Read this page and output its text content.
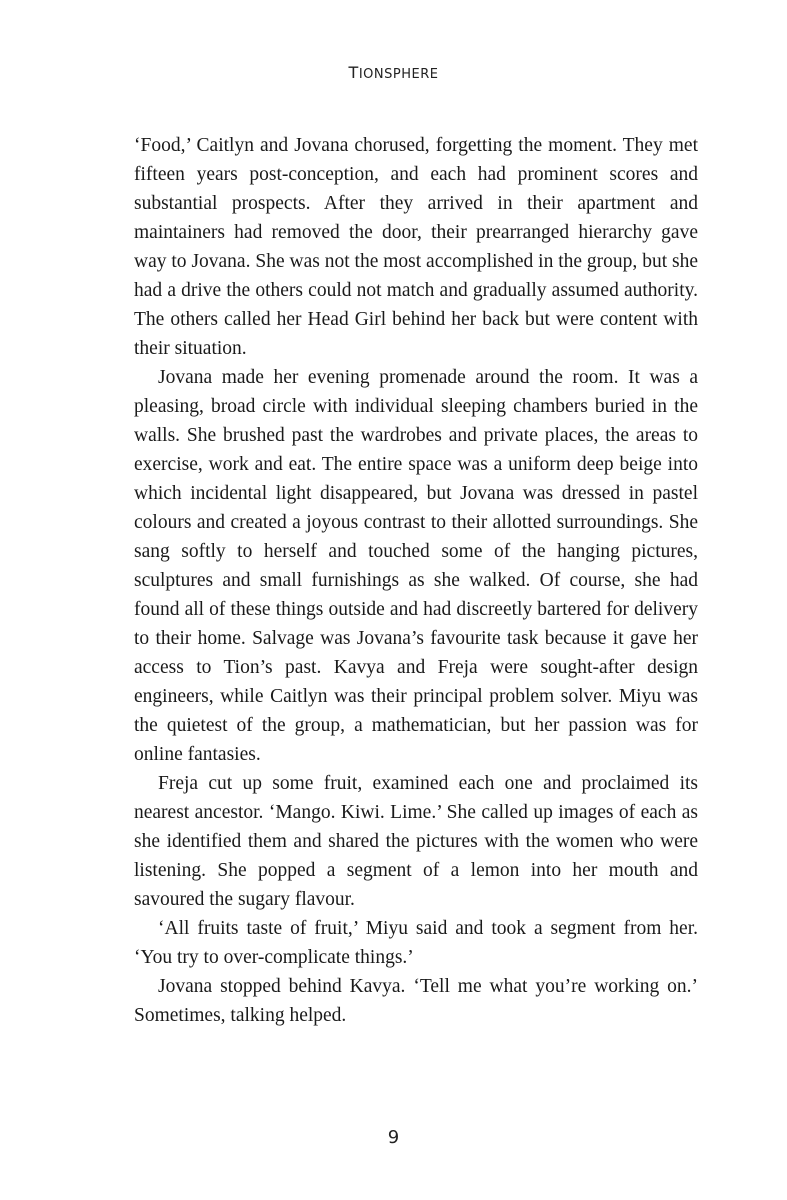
TIONSPHERE

‘Food,’ Caitlyn and Jovana chorused, forgetting the moment. They met fifteen years post-conception, and each had prominent scores and substantial prospects. After they arrived in their apartment and maintainers had removed the door, their prearranged hierarchy gave way to Jovana. She was not the most accomplished in the group, but she had a drive the others could not match and gradually assumed authority. The others called her Head Girl behind her back but were content with their situation.

Jovana made her evening promenade around the room. It was a pleasing, broad circle with individual sleeping chambers buried in the walls. She brushed past the wardrobes and private places, the areas to exercise, work and eat. The entire space was a uniform deep beige into which incidental light disappeared, but Jovana was dressed in pastel colours and created a joyous contrast to their allotted surroundings. She sang softly to herself and touched some of the hanging pictures, sculptures and small furnishings as she walked. Of course, she had found all of these things outside and had discreetly bartered for delivery to their home. Salvage was Jovana’s favourite task because it gave her access to Tion’s past. Kavya and Freja were sought-after design engineers, while Caitlyn was their principal problem solver. Miyu was the quietest of the group, a mathematician, but her passion was for online fantasies.

Freja cut up some fruit, examined each one and proclaimed its nearest ancestor. ‘Mango. Kiwi. Lime.’ She called up images of each as she identified them and shared the pictures with the women who were listening. She popped a segment of a lemon into her mouth and savoured the sugary flavour.

‘All fruits taste of fruit,’ Miyu said and took a segment from her. ‘You try to over-complicate things.’

Jovana stopped behind Kavya. ‘Tell me what you’re working on.’ Sometimes, talking helped.

9
